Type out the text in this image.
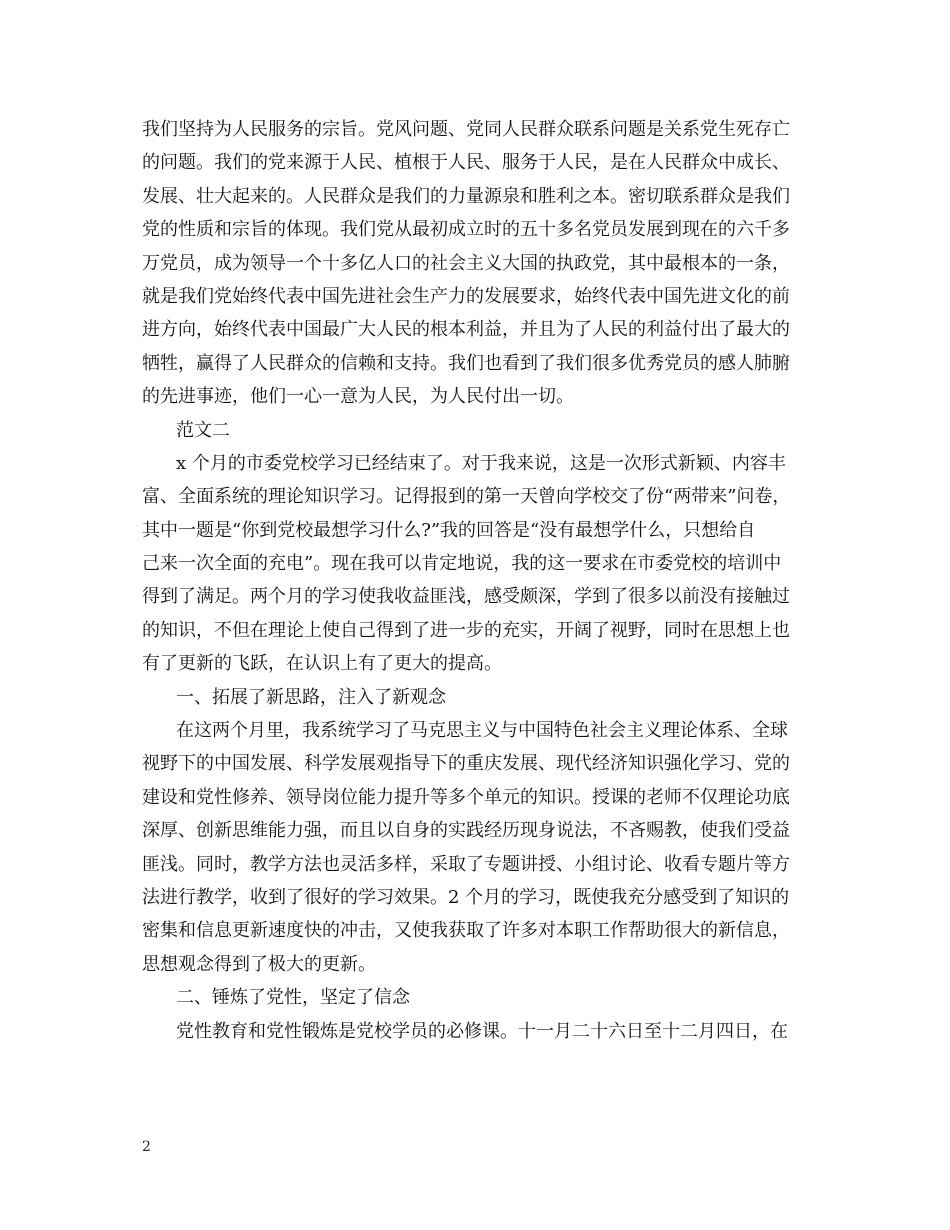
我们坚持为人民服务的宗旨。党风问题、党同人民群众联系问题是关系党生死存亡
的问题。我们的党来源于人民、植根于人民、服务于人民，是在人民群众中成长、
发展、壮大起来的。人民群众是我们的力量源泉和胜利之本。密切联系群众是我们
党的性质和宗旨的体现。我们党从最初成立时的五十多名党员发展到现在的六千多
万党员，成为领导一个十多亿人口的社会主义大国的执政党，其中最根本的一条，
就是我们党始终代表中国先进社会生产力的发展要求，始终代表中国先进文化的前
进方向，始终代表中国最广大人民的根本利益，并且为了人民的利益付出了最大的
牺牲，赢得了人民群众的信赖和支持。我们也看到了我们很多优秀党员的感人肺腑
的先进事迹，他们一心一意为人民，为人民付出一切。
范文二
x 个月的市委党校学习已经结束了。对于我来说，这是一次形式新颖、内容丰
富、全面系统的理论知识学习。记得报到的第一天曾向学校交了份“两带来”问卷，
其中一题是“你到党校最想学习什么?”我的回答是“没有最想学什么，只想给自
己来一次全面的充电”。现在我可以肯定地说，我的这一要求在市委党校的培训中
得到了满足。两个月的学习使我收益匪浅，感受颇深，学到了很多以前没有接触过
的知识，不但在理论上使自己得到了进一步的充实，开阔了视野，同时在思想上也
有了更新的飞跃，在认识上有了更大的提高。
一、拓展了新思路，注入了新观念
在这两个月里，我系统学习了马克思主义与中国特色社会主义理论体系、全球
视野下的中国发展、科学发展观指导下的重庆发展、现代经济知识强化学习、党的
建设和党性修养、领导岗位能力提升等多个单元的知识。授课的老师不仅理论功底
深厚、创新思维能力强，而且以自身的实践经历现身说法，不吝赐教，使我们受益
匪浅。同时，教学方法也灵活多样，采取了专题讲授、小组讨论、收看专题片等方
法进行教学，收到了很好的学习效果。2 个月的学习，既使我充分感受到了知识的
密集和信息更新速度快的冲击，又使我获取了许多对本职工作帮助很大的新信息，
思想观念得到了极大的更新。
二、锤炼了党性，坚定了信念
党性教育和党性锻炼是党校学员的必修课。十一月二十六日至十二月四日，在
2
